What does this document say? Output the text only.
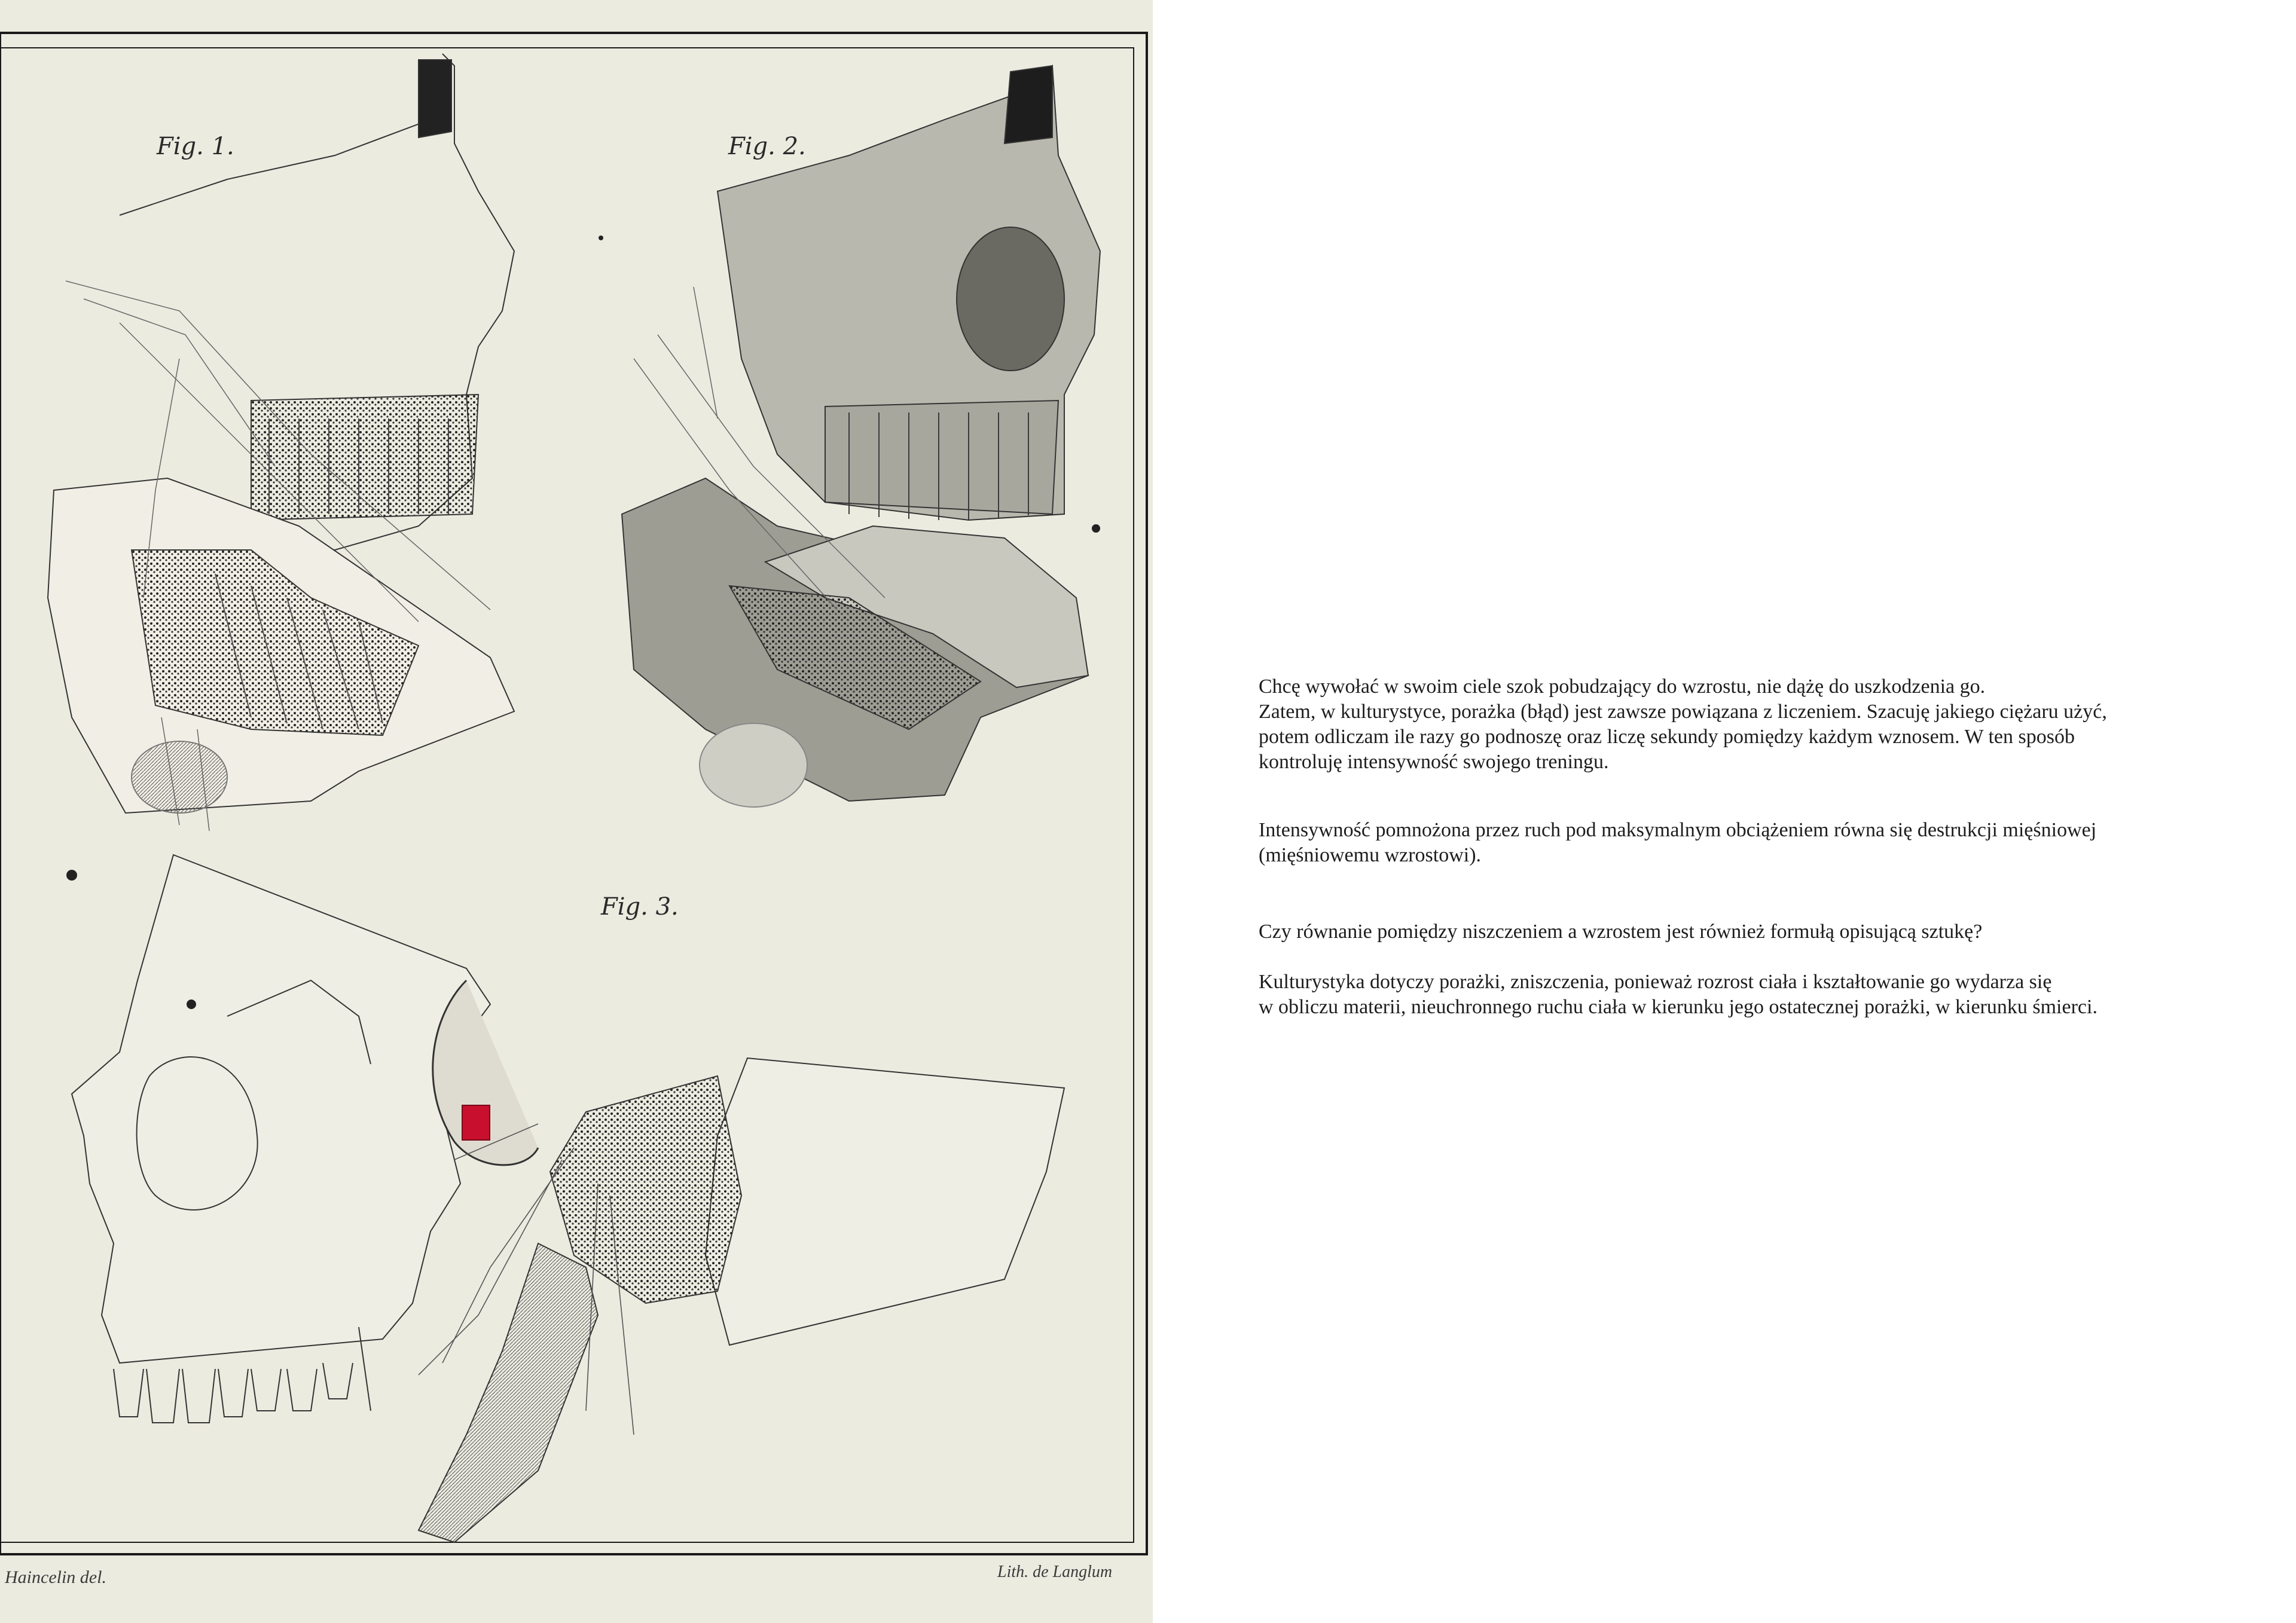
Fig. 1.	Fig. 2.
Fig. 3.
Haincelin del.	Lith. de Langlum

Chcę wywołać w swoim ciele szok pobudzający do wzrostu, nie dążę do uszkodzenia go.
Zatem, w kulturystyce, porażka (błąd) jest zawsze powiązana z liczeniem. Szacuję jakiego ciężaru użyć,
potem odliczam ile razy go podnoszę oraz liczę sekundy pomiędzy każdym wznosem. W ten sposób
kontroluję intensywność swojego treningu.

Intensywność pomnożona przez ruch pod maksymalnym obciążeniem równa się destrukcji mięśniowej
(mięśniowemu wzrostowi).

Czy równanie pomiędzy niszczeniem a wzrostem jest również formułą opisującą sztukę?

Kulturystyka dotyczy porażki, zniszczenia, ponieważ rozrost ciała i kształtowanie go wydarza się
w obliczu materii, nieuchronnego ruchu ciała w kierunku jego ostatecznej porażki, w kierunku śmierci.
